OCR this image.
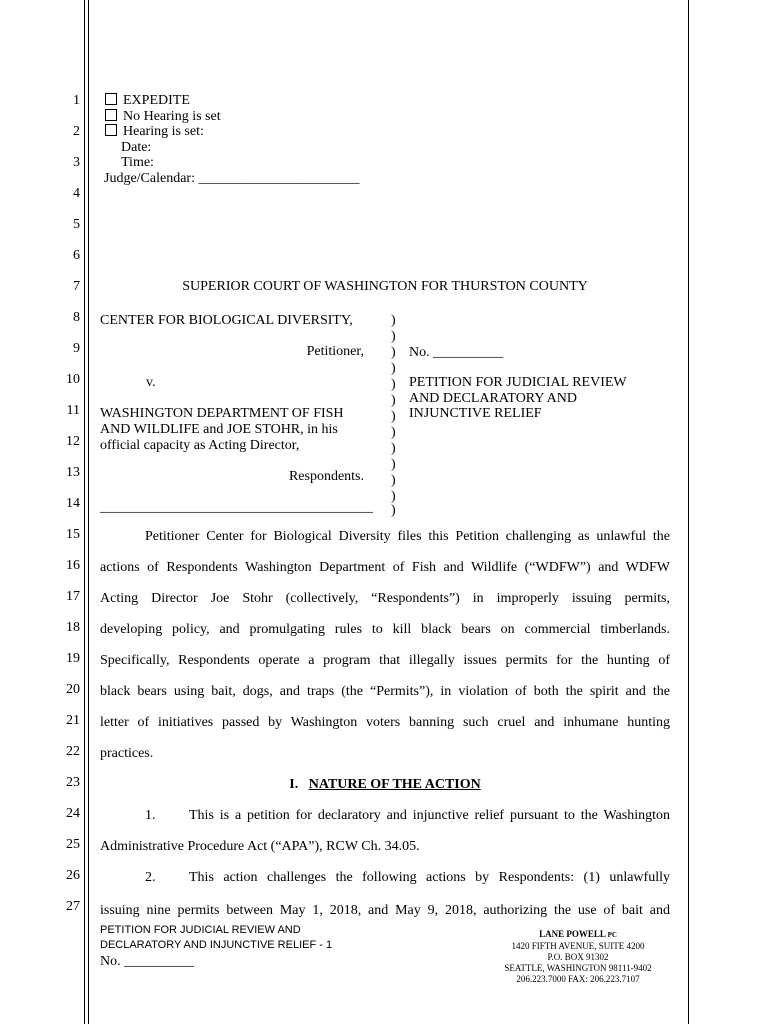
1
2
3
4
5
6
7
8
9
10
11
12
13
14
15
16
17
18
19
20
21
22
23
24
25
26
27
EXPEDITE
No Hearing is set
Hearing is set:
Date:
Time:
Judge/Calendar: _______________________
SUPERIOR COURT OF WASHINGTON FOR THURSTON COUNTY
CENTER FOR BIOLOGICAL DIVERSITY,
Petitioner,
v.
WASHINGTON DEPARTMENT OF FISH
AND WILDLIFE and JOE STOHR, in his
official capacity as Acting Director,
Respondents.
_______________________________________
)
)
)
)
)
)
)
)
)
)
)
)
)
No. __________
PETITION FOR JUDICIAL REVIEW
AND DECLARATORY AND
INJUNCTIVE RELIEF
Petitioner Center for Biological Diversity files this Petition challenging as unlawful the
actions of Respondents Washington Department of Fish and Wildlife (“WDFW”) and WDFW
Acting Director Joe Stohr (collectively, “Respondents”) in improperly issuing permits,
developing policy, and promulgating rules to kill black bears on commercial timberlands.
Specifically, Respondents operate a program that illegally issues permits for the hunting of
black bears using bait, dogs, and traps (the “Permits”), in violation of both the spirit and the
letter of initiatives passed by Washington voters banning such cruel and inhumane hunting
practices.
I. NATURE OF THE ACTION
1. This is a petition for declaratory and injunctive relief pursuant to the Washington
Administrative Procedure Act (“APA”), RCW Ch. 34.05.
2. This action challenges the following actions by Respondents: (1) unlawfully
issuing nine permits between May 1, 2018, and May 9, 2018, authorizing the use of bait and
PETITION FOR JUDICIAL REVIEW AND
DECLARATORY AND INJUNCTIVE RELIEF - 1
No. __________
LANE POWELL PC
1420 FIFTH AVENUE, SUITE 4200
P.O. BOX 91302
SEATTLE, WASHINGTON 98111-9402
206.223.7000 FAX: 206.223.7107
